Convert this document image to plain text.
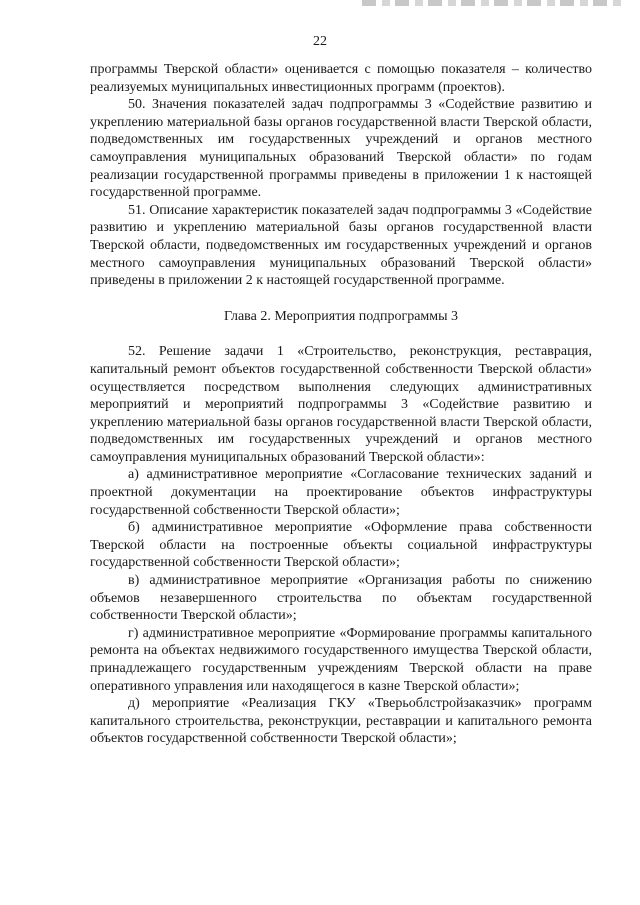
22

программы Тверской области» оценивается с помощью показателя – количество реализуемых муниципальных инвестиционных программ (проектов).

50. Значения показателей задач подпрограммы 3 «Содействие развитию и укреплению материальной базы органов государственной власти Тверской области, подведомственных им государственных учреждений и органов местного самоуправления муниципальных образований Тверской области» по годам реализации государственной программы приведены в приложении 1 к настоящей государственной программе.

51. Описание характеристик показателей задач подпрограммы 3 «Содействие развитию и укреплению материальной базы органов государственной власти Тверской области, подведомственных им государственных учреждений и органов местного самоуправления муниципальных образований Тверской области» приведены в приложении 2 к настоящей государственной программе.

Глава 2. Мероприятия подпрограммы 3

52. Решение задачи 1 «Строительство, реконструкция, реставрация, капитальный ремонт объектов государственной собственности Тверской области» осуществляется посредством выполнения следующих административных мероприятий и мероприятий подпрограммы 3 «Содействие развитию и укреплению материальной базы органов государственной власти Тверской области, подведомственных им государственных учреждений и органов местного самоуправления муниципальных образований Тверской области»:

а) административное мероприятие «Согласование технических заданий и проектной документации на проектирование объектов инфраструктуры государственной собственности Тверской области»;

б) административное мероприятие «Оформление права собственности Тверской области на построенные объекты социальной инфраструктуры государственной собственности Тверской области»;

в) административное мероприятие «Организация работы по снижению объемов незавершенного строительства по объектам государственной собственности Тверской области»;

г) административное мероприятие «Формирование программы капитального ремонта на объектах недвижимого государственного имущества Тверской области, принадлежащего государственным учреждениям Тверской области на праве оперативного управления или находящегося в казне Тверской области»;

д) мероприятие «Реализация ГКУ «Тверьоблстройзаказчик» программ капитального строительства, реконструкции, реставрации и капитального ремонта объектов государственной собственности Тверской области»;
